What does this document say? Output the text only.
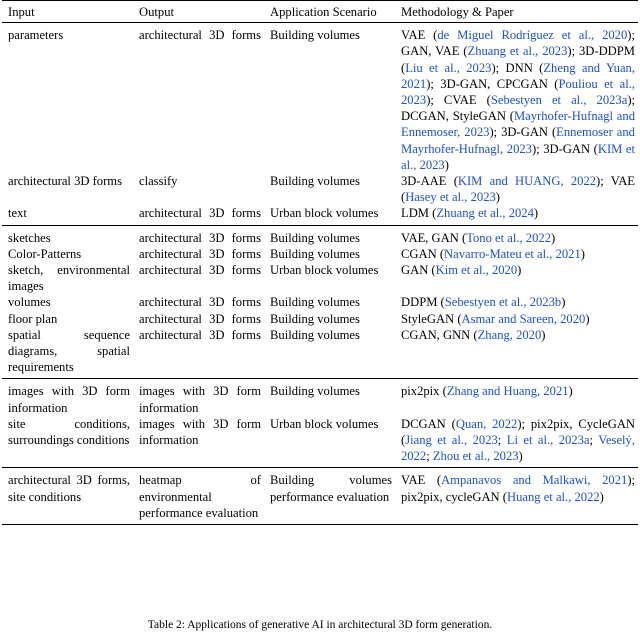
Input	Output	Application Scenario	Methodology & Paper
parameters	architectural 3D forms	Building volumes	VAE (de Miguel Rodríguez et al., 2020); GAN, VAE (Zhuang et al., 2023); 3D-DDPM (Liu et al., 2023); DNN (Zheng and Yuan, 2021); 3D-GAN, CPCGAN (Pouliou et al., 2023); CVAE (Sebestyen et al., 2023a); DCGAN, StyleGAN (Mayrhofer-Hufnagl and Ennemoser, 2023); 3D-GAN (Ennemoser and Mayrhofer-Hufnagl, 2023); 3D-GAN (KIM et al., 2023)
architectural 3D forms	classify	Building volumes	3D-AAE (KIM and HUANG, 2022); VAE (Hasey et al., 2023)
text	architectural 3D forms	Urban block volumes	LDM (Zhuang et al., 2024)
sketches	architectural 3D forms	Building volumes	VAE, GAN (Tono et al., 2022)
Color-Patterns	architectural 3D forms	Building volumes	CGAN (Navarro-Mateu et al., 2021)
sketch, environmental images	architectural 3D forms	Urban block volumes	GAN (Kim et al., 2020)
volumes	architectural 3D forms	Building volumes	DDPM (Sebestyen et al., 2023b)
floor plan	architectural 3D forms	Building volumes	StyleGAN (Asmar and Sareen, 2020)
spatial sequence diagrams, spatial requirements	architectural 3D forms	Building volumes	CGAN, GNN (Zhang, 2020)
images with 3D form information	images with 3D form information	Building volumes	pix2pix (Zhang and Huang, 2021)
site conditions, surroundings conditions	images with 3D form information	Urban block volumes	DCGAN (Quan, 2022); pix2pix, CycleGAN (Jiang et al., 2023; Li et al., 2023a; Veselý, 2022; Zhou et al., 2023)
architectural 3D forms, site conditions	heatmap of environmental performance evaluation	Building volumes performance evaluation	VAE (Ampanavos and Malkawi, 2021); pix2pix, cycleGAN (Huang et al., 2022)
Table 2: Applications of generative AI in architectural 3D form generation.
